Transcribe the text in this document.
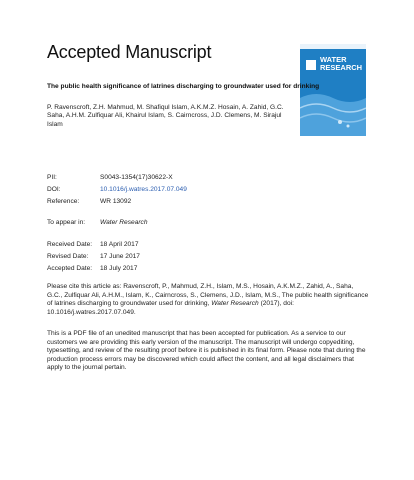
Accepted Manuscript	WATER
RESEARCH
The public health significance of latrines discharging to groundwater used for drinking
P. Ravenscroft, Z.H. Mahmud, M. Shafiqul Islam, A.K.M.Z. Hosain, A. Zahid, G.C. Saha, A.H.M. Zulfiquar Ali, Khairul Islam, S. Cairncross, J.D. Clemens, M. Sirajul Islam
PII:	S0043-1354(17)30622-X
DOI:	10.1016/j.watres.2017.07.049
Reference:	WR 13092
To appear in: Water Research
Received Date: 18 April 2017
Revised Date: 17 June 2017
Accepted Date: 18 July 2017
Please cite this article as: Ravenscroft, P., Mahmud, Z.H., Islam, M.S., Hosain, A.K.M.Z., Zahid, A., Saha, G.C., Zulfiquar Ali, A.H.M., Islam, K., Cairncross, S., Clemens, J.D., Islam, M.S., The public health significance of latrines discharging to groundwater used for drinking, Water Research (2017), doi: 10.1016/j.watres.2017.07.049.
This is a PDF file of an unedited manuscript that has been accepted for publication. As a service to our customers we are providing this early version of the manuscript. The manuscript will undergo copyediting, typesetting, and review of the resulting proof before it is published in its final form. Please note that during the production process errors may be discovered which could affect the content, and all legal disclaimers that apply to the journal pertain.
